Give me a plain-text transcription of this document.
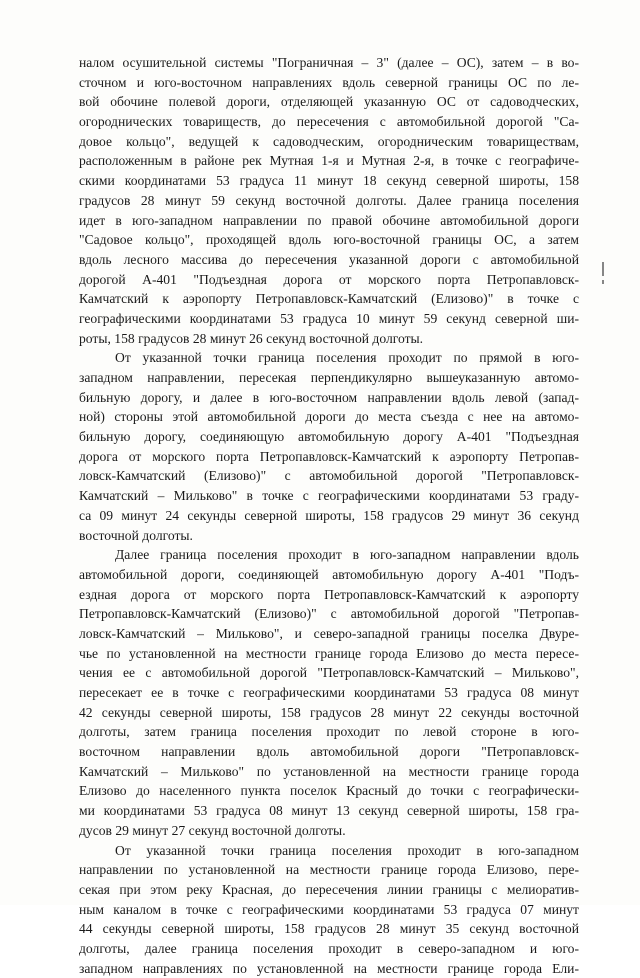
налом осушительной системы "Пограничная – 3" (далее – ОС), затем – в во-
сточном и юго-восточном направлениях вдоль северной границы ОС по ле-
вой обочине полевой дороги, отделяющей указанную ОС от садоводческих,
огороднических товариществ, до пересечения с автомобильной дорогой "Са-
довое кольцо", ведущей к садоводческим, огородническим товариществам,
расположенным в районе рек Мутная 1-я и Мутная 2-я, в точке с географиче-
скими координатами 53 градуса 11 минут 18 секунд северной широты, 158
градусов 28 минут 59 секунд восточной долготы. Далее граница поселения
идет в юго-западном направлении по правой обочине автомобильной дороги
"Садовое кольцо", проходящей вдоль юго-восточной границы ОС, а затем
вдоль лесного массива до пересечения указанной дороги с автомобильной
дорогой А-401 "Подъездная дорога от морского порта Петропавловск-
Камчатский к аэропорту Петропавловск-Камчатский (Елизово)" в точке с
географическими координатами 53 градуса 10 минут 59 секунд северной ши-
роты, 158 градусов 28 минут 26 секунд восточной долготы.
От указанной точки граница поселения проходит по прямой в юго-
западном направлении, пересекая перпендикулярно вышеуказанную автомо-
бильную дорогу, и далее в юго-восточном направлении вдоль левой (запад-
ной) стороны этой автомобильной дороги до места съезда с нее на автомо-
бильную дорогу, соединяющую автомобильную дорогу А-401 "Подъездная
дорога от морского порта Петропавловск-Камчатский к аэропорту Петропав-
ловск-Камчатский (Елизово)" с автомобильной дорогой "Петропавловск-
Камчатский – Мильково" в точке с географическими координатами 53 граду-
са 09 минут 24 секунды северной широты, 158 градусов 29 минут 36 секунд
восточной долготы.
Далее граница поселения проходит в юго-западном направлении вдоль
автомобильной дороги, соединяющей автомобильную дорогу А-401 "Подъ-
ездная дорога от морского порта Петропавловск-Камчатский к аэропорту
Петропавловск-Камчатский (Елизово)" с автомобильной дорогой "Петропав-
ловск-Камчатский – Мильково", и северо-западной границы поселка Двуре-
чье по установленной на местности границе города Елизово до места пересе-
чения ее с автомобильной дорогой "Петропавловск-Камчатский – Мильково",
пересекает ее в точке с географическими координатами 53 градуса 08 минут
42 секунды северной широты, 158 градусов 28 минут 22 секунды восточной
долготы, затем граница поселения проходит по левой стороне в юго-
восточном направлении вдоль автомобильной дороги "Петропавловск-
Камчатский – Мильково" по установленной на местности границе города
Елизово до населенного пункта поселок Красный до точки с географически-
ми координатами 53 градуса 08 минут 13 секунд северной широты, 158 гра-
дусов 29 минут 27 секунд восточной долготы.
От указанной точки граница поселения проходит в юго-западном
направлении по установленной на местности границе города Елизово, пере-
секая при этом реку Красная, до пересечения линии границы с мелиоратив-
ным каналом в точке с географическими координатами 53 градуса 07 минут
44 секунды северной широты, 158 градусов 28 минут 35 секунд восточной
долготы, далее граница поселения проходит в северо-западном и юго-
западном направлениях по установленной на местности границе города Ели-
